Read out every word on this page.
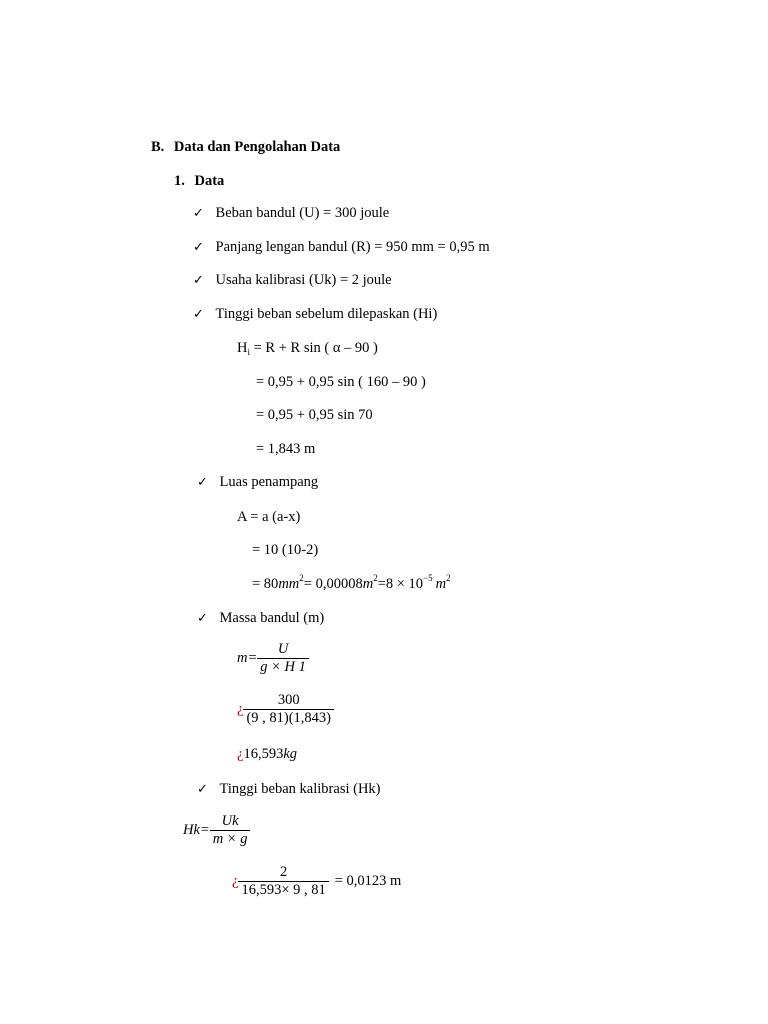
B. Data dan Pengolahan Data
1. Data
✓ Beban bandul (U) = 300 joule
✓ Panjang lengan bandul (R) = 950 mm = 0,95 m
✓ Usaha kalibrasi (Uk) = 2 joule
✓ Tinggi beban sebelum dilepaskan (Hi)
$H_i = R + R$ sin ( α – 90 )
= 0,95 + 0,95 sin ( 160 – 90 )
= 0,95 + 0,95 sin 70
= 1,843 m
✓ Luas penampang
A = a (a-x)
= 10 (10-2)
= $80mm^2= 0,00008m^2=8 \times 10^{-5}$ $m^2$
✓ Massa bandul (m)
$m= \frac{U}{g \times H 1}$
¿ $\frac{300}{(9 , 81)(1,843)}$
¿16,593kg
✓ Tinggi beban kalibrasi (Hk)
$Hk= \frac{Uk}{m \times g}$
¿ $\frac{2}{16,593\times 9 , 81} = 0,0123$ m
